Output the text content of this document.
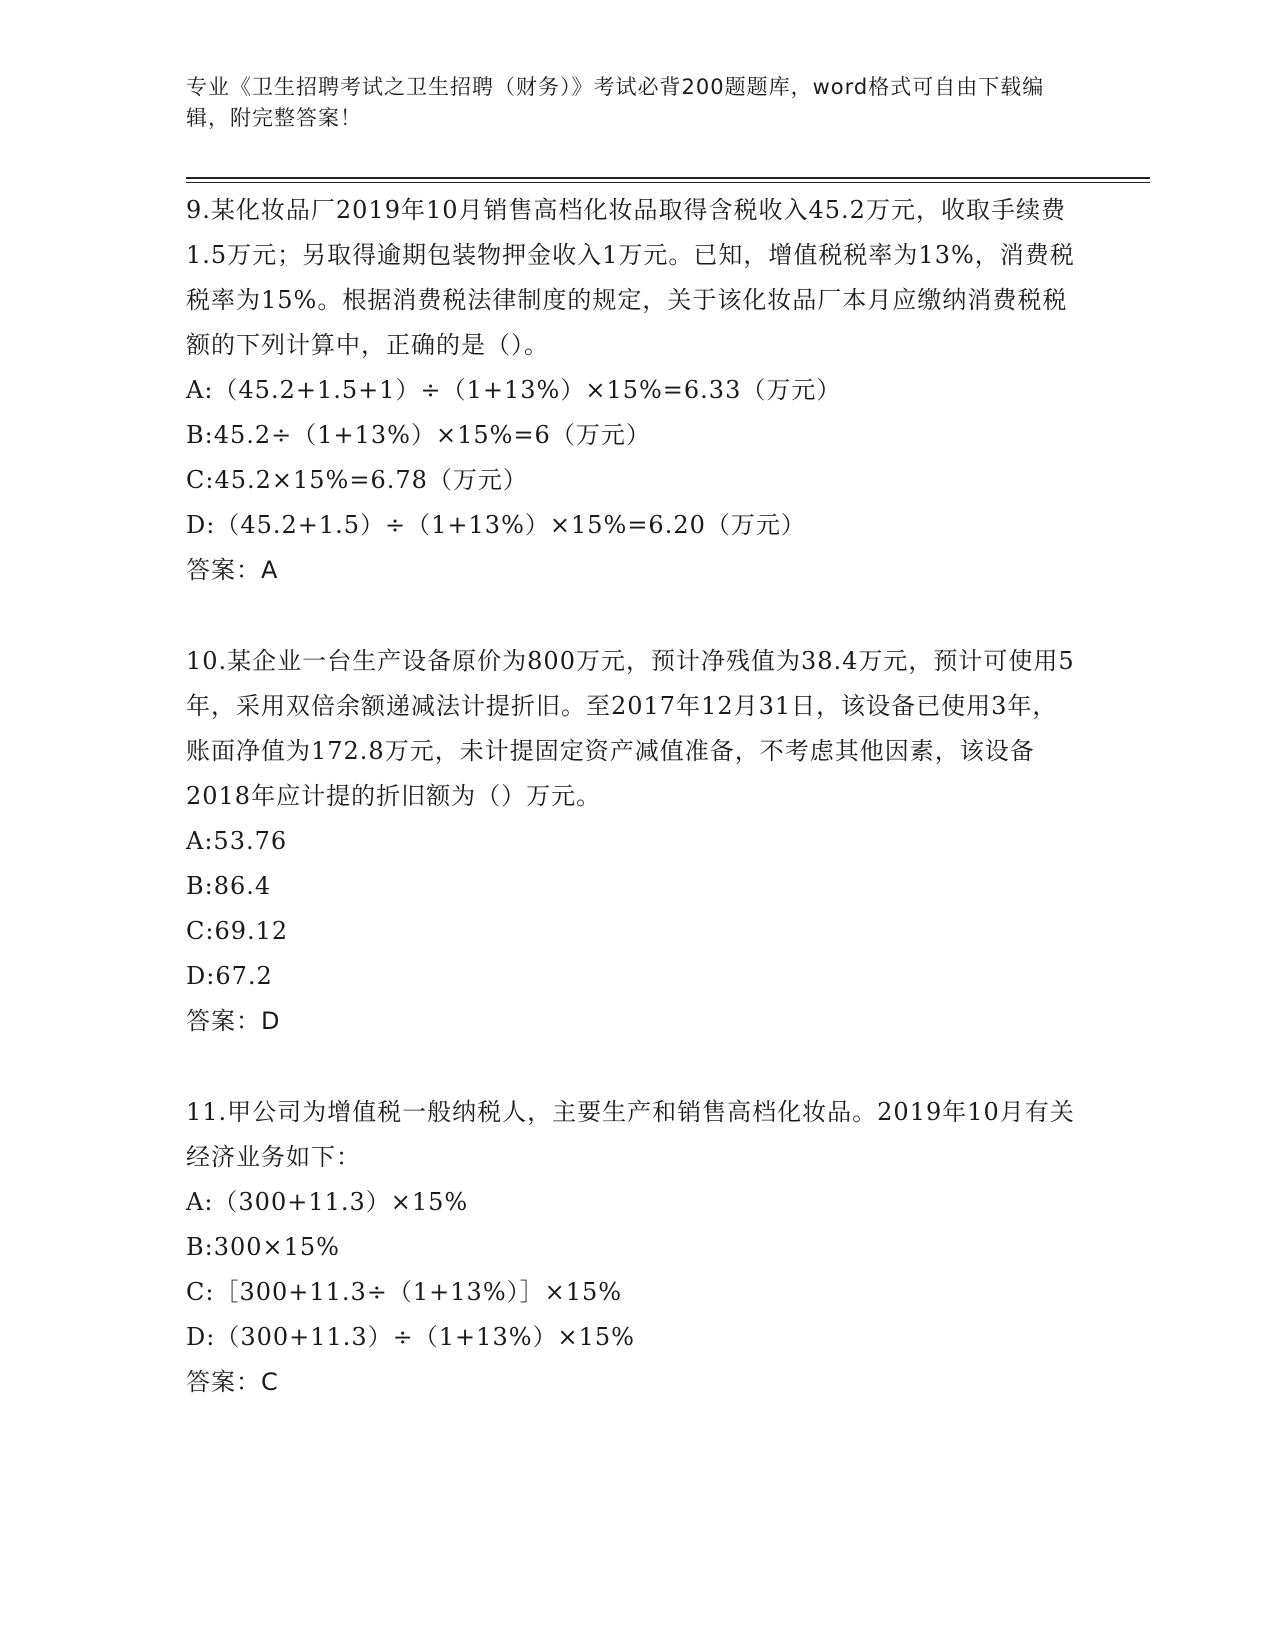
专业《卫生招聘考试之卫生招聘（财务）》考试必背200题题库，word格式可自由下载编辑，附完整答案！
9.某化妆品厂2019年10月销售高档化妆品取得含税收入45.2万元，收取手续费1.5万元；另取得逾期包装物押金收入1万元。已知，增值税税率为13%，消费税税率为15%。根据消费税法律制度的规定，关于该化妆品厂本月应缴纳消费税税额的下列计算中，正确的是（）。
A:（45.2+1.5+1）÷（1+13%）×15%=6.33（万元）
B:45.2÷（1+13%）×15%=6（万元）
C:45.2×15%=6.78（万元）
D:（45.2+1.5）÷（1+13%）×15%=6.20（万元）
答案：A
10.某企业一台生产设备原价为800万元，预计净残值为38.4万元，预计可使用5年，采用双倍余额递减法计提折旧。至2017年12月31日，该设备已使用3年，账面净值为172.8万元，未计提固定资产减值准备，不考虑其他因素，该设备2018年应计提的折旧额为（）万元。
A:53.76
B:86.4
C:69.12
D:67.2
答案：D
11.甲公司为增值税一般纳税人，主要生产和销售高档化妆品。2019年10月有关经济业务如下：
A:（300+11.3）×15%
B:300×15%
C:［300+11.3÷（1+13%）］×15%
D:（300+11.3）÷（1+13%）×15%
答案：C
